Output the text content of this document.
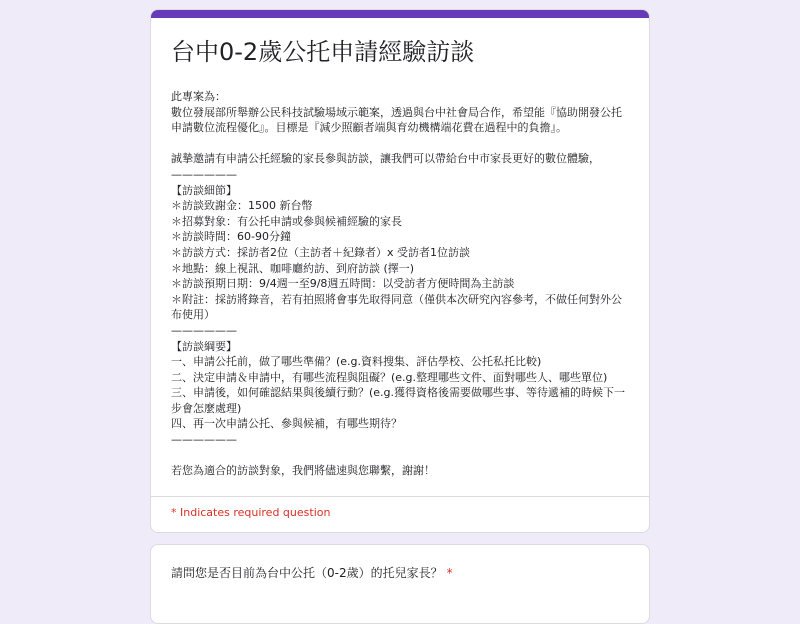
台中0-2歲公托申請經驗訪談
此專案為：
數位發展部所舉辦公民科技試驗場域示範案，透過與台中社會局合作，希望能『協助開發公托申請數位流程優化』。目標是『減少照顧者端與育幼機構端花費在過程中的負擔』。

誠摯邀請有申請公托經驗的家長參與訪談，讓我們可以帶給台中市家長更好的數位體驗，
——————
【訪談細節】
＊訪談致謝金：1500 新台幣
＊招募對象：有公托申請或參與候補經驗的家長
＊訪談時間：60-90分鐘
＊訪談方式：採訪者2位（主訪者＋紀錄者）x 受訪者1位訪談
＊地點：線上視訊、咖啡廳約訪、到府訪談 (擇一)
＊訪談預期日期：9/4週一至9/8週五時間：以受訪者方便時間為主訪談
＊附註：採訪將錄音，若有拍照將會事先取得同意（僅供本次研究內容參考，不做任何對外公布使用）
——————
【訪談綱要】
一、申請公托前，做了哪些準備？(e.g.資料搜集、評估學校、公托私托比較)
二、決定申請＆申請中，有哪些流程與阻礙？(e.g.整理哪些文件、面對哪些人、哪些單位)
三、申請後，如何確認結果與後續行動？(e.g.獲得資格後需要做哪些事、等待遞補的時候下一步會怎麼處理)
四、再一次申請公托、參與候補，有哪些期待？
——————

若您為適合的訪談對象，我們將儘速與您聯繫，謝謝！
* Indicates required question
請問您是否目前為台中公托（0-2歲）的托兒家長？ *
